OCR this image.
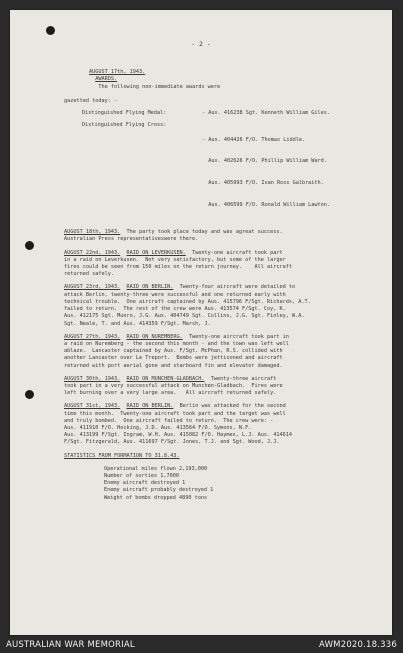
- 2 -

AUGUST 17th, 1943.
AWARDS.
The following non-immediate awards were

gazetted today: -
Distinguished Flying Medal:	- Aus. 416238 Sgt. Kenneth William Giles.
Distinguished Flying Cross:

- Aus. 404426 F/O. Thomas Liddle.

Aus. 402626 F/O. Phillip William Ward.

Aus. 405993 F/O. Ivan Ross Galbraith.

Aus. 406599 F/O. Ronald William Lawton.

AUGUST 18th, 1943. The party took place today and was agreat success.
Australian Press representativeswere there.
AUGUST 22nd, 1943. RAID ON LEVERKUSEN. Twenty-one aircraft took part
in a raid on Leverkusen.  Not very satisfactory, but some of the larger
fires could be seen from 150 miles on the return journey.    All aircraft
returned safely.
AUGUST 23rd, 1943. RAID ON BERLIN. Twenty-four aircraft were detailed to
attack Berlin, twenty-three were successful and one returned early with
technical trouble.  One aircraft captained by Aus. 415796 F/Sgt. Richards, A.T.
failed to return.  The rest of the crew were Aus. 413574 F/Sgt. Coy, K.
Aus. 412175 Sgt. Munro, J.G. Aus. 404749 Sgt. Collins, J.G. Sgt. Finley, W.A.
Sgt. Neale, T. and Aus. 414359 F/Sgt. Marsh, J.
AUGUST 27th, 1943. RAID ON NUREMBERG. Twenty-one aircraft took part in
a raid on Nuremberg - the second this month - and the town was left well
ablaze.  Lancaster captained by Aus. F/Sgt. McPhan, R.S. collided with
another Lancaster over Le Treport.  Bombs were jettisoned and aircraft
returned with port aerial gone and starboard fin and elevator damaged.
AUGUST 30th, 1943. RAID ON MUNCHEN-GLADBACH. Twenty-three aircraft
took part in a very successful attack on Munchen-Gladbach.  Fires were
left burning over a very large area.   All aircraft returned safely.
AUGUST 31st, 1943. RAID ON BERLIN. Berlin was attacked for the second
time this month.  Twenty-one aircraft took part and the target was well
and truly bombed.  One aircraft failed to return.  The crew were: -
Aus. 411910 F/O. Hocking, J.D. Aus. 413564 F/O. Symons, N.F.
Aus. 413199 F/Sgt. Ingram, W.H. Aus. 415082 F/O. Haymes, L.J. Aus. 414614
F/Sgt. Fitzgerald, Aus. 411697 F/Sgt. Jones, T.J. and Sgt. Wood, J.J.
STATISTICS FROM FORMATION TO 31.8.43.
Operational miles flown 2,193,000
Number of sorties 1,7000
Enemy aircraft destroyed 1
Enemy aircraft probably destroyed 1
Weight of bombs dropped 4890 tons
AUSTRALIAN WAR MEMORIAL	AWM2020.18.336
